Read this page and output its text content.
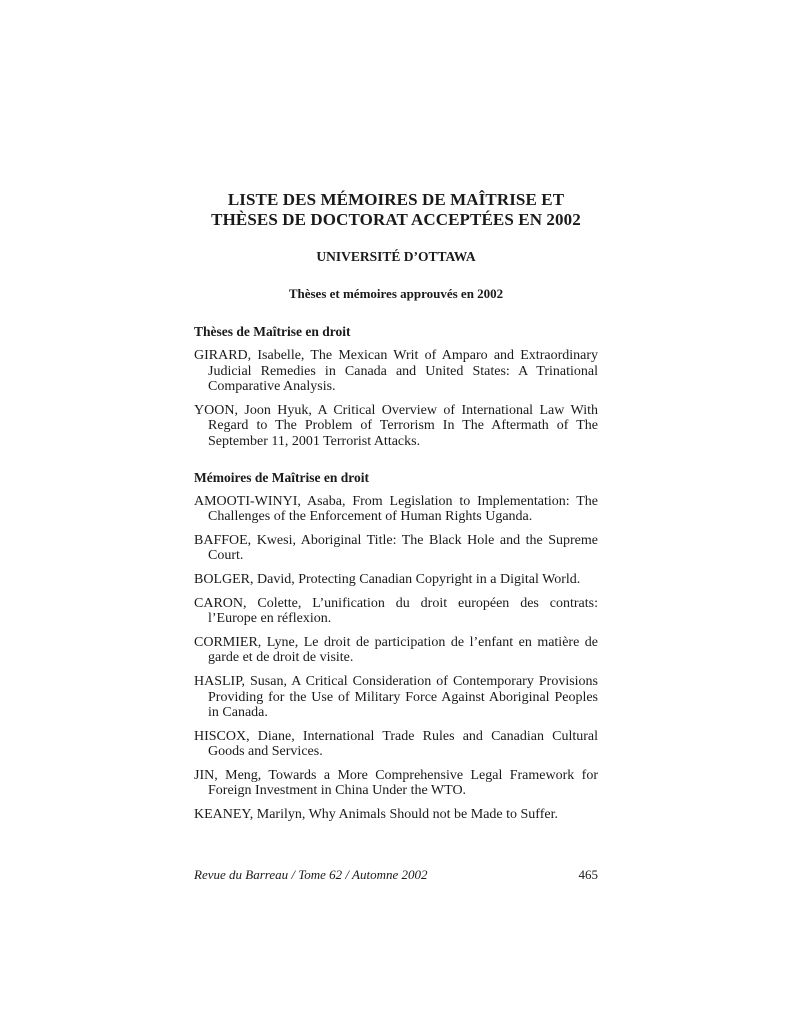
LISTE DES MÉMOIRES DE MAÎTRISE ET
THÈSES DE DOCTORAT ACCEPTÉES EN 2002
UNIVERSITÉ D’OTTAWA
Thèses et mémoires approuvés en 2002
Thèses de Maîtrise en droit
GIRARD, Isabelle, The Mexican Writ of Amparo and Extraordinary Judicial Remedies in Canada and United States: A Trinational Comparative Analysis.
YOON, Joon Hyuk, A Critical Overview of International Law With Regard to The Problem of Terrorism In The Aftermath of The September 11, 2001 Terrorist Attacks.
Mémoires de Maîtrise en droit
AMOOTI-WINYI, Asaba, From Legislation to Implementation: The Challenges of the Enforcement of Human Rights Uganda.
BAFFOE, Kwesi, Aboriginal Title: The Black Hole and the Supreme Court.
BOLGER, David, Protecting Canadian Copyright in a Digital World.
CARON, Colette, L’unification du droit européen des contrats: l’Europe en réflexion.
CORMIER, Lyne, Le droit de participation de l’enfant en matière de garde et de droit de visite.
HASLIP, Susan, A Critical Consideration of Contemporary Provisions Providing for the Use of Military Force Against Aboriginal Peoples in Canada.
HISCOX, Diane, International Trade Rules and Canadian Cultural Goods and Services.
JIN, Meng, Towards a More Comprehensive Legal Framework for Foreign Investment in China Under the WTO.
KEANEY, Marilyn, Why Animals Should not be Made to Suffer.
Revue du Barreau / Tome 62 / Automne 2002	465
